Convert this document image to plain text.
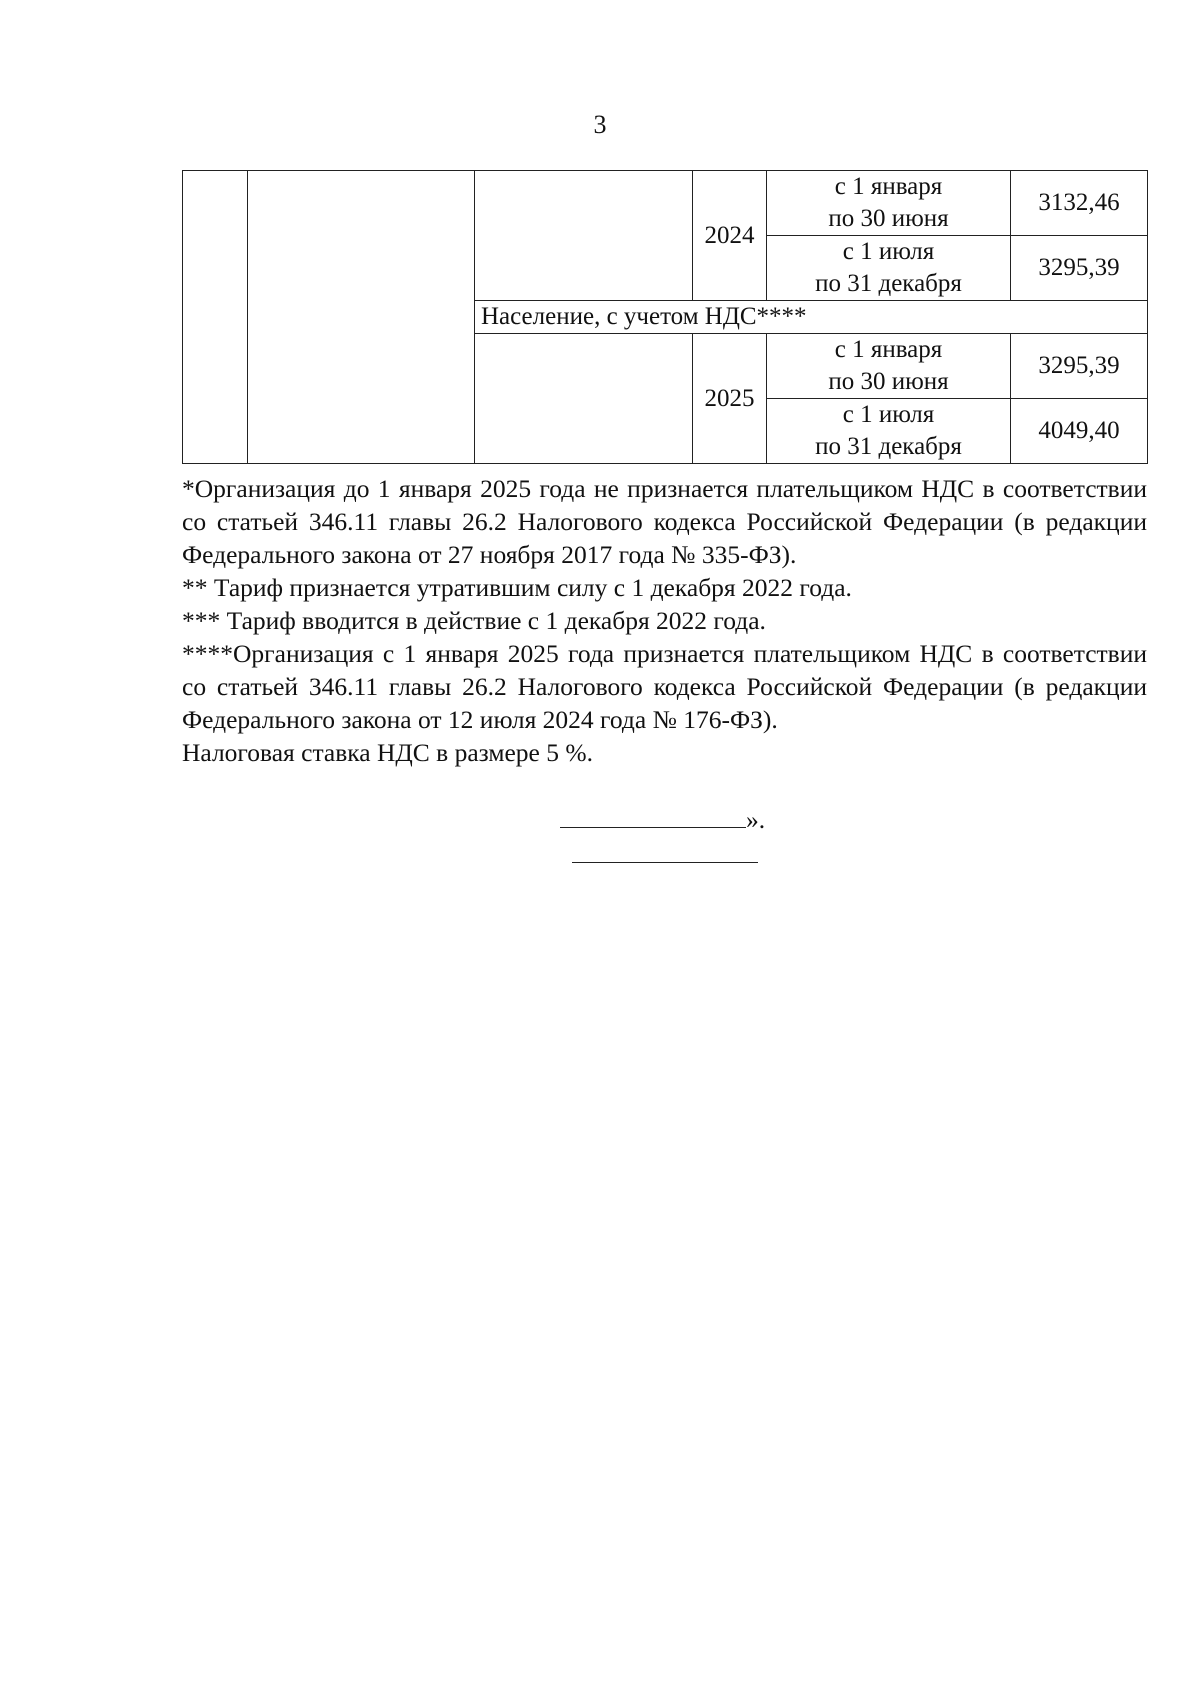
3
			2024	с 1 января
по 30 июня	3132,46

				с 1 июля
по 31 декабря	3295,39
		Население, с учетом НДС****			
			2025	с 1 января
по 30 июня	3295,39

				с 1 июля
по 31 декабря	4049,40

*Организация до 1 января 2025 года не признается плательщиком НДС в соответствии со статьей 346.11 главы 26.2 Налогового кодекса Российской Федерации (в редакции Федерального закона от 27 ноября 2017 года № 335-ФЗ).

** Тариф признается утратившим силу с 1 декабря 2022 года.

*** Тариф вводится в действие с 1 декабря 2022 года.

****Организация с 1 января 2025 года признается плательщиком НДС в соответствии со статьей 346.11 главы 26.2 Налогового кодекса Российской Федерации (в редакции Федерального закона от 12 июля 2024 года № 176-ФЗ).

Налоговая ставка НДС в размере 5 %.

».
